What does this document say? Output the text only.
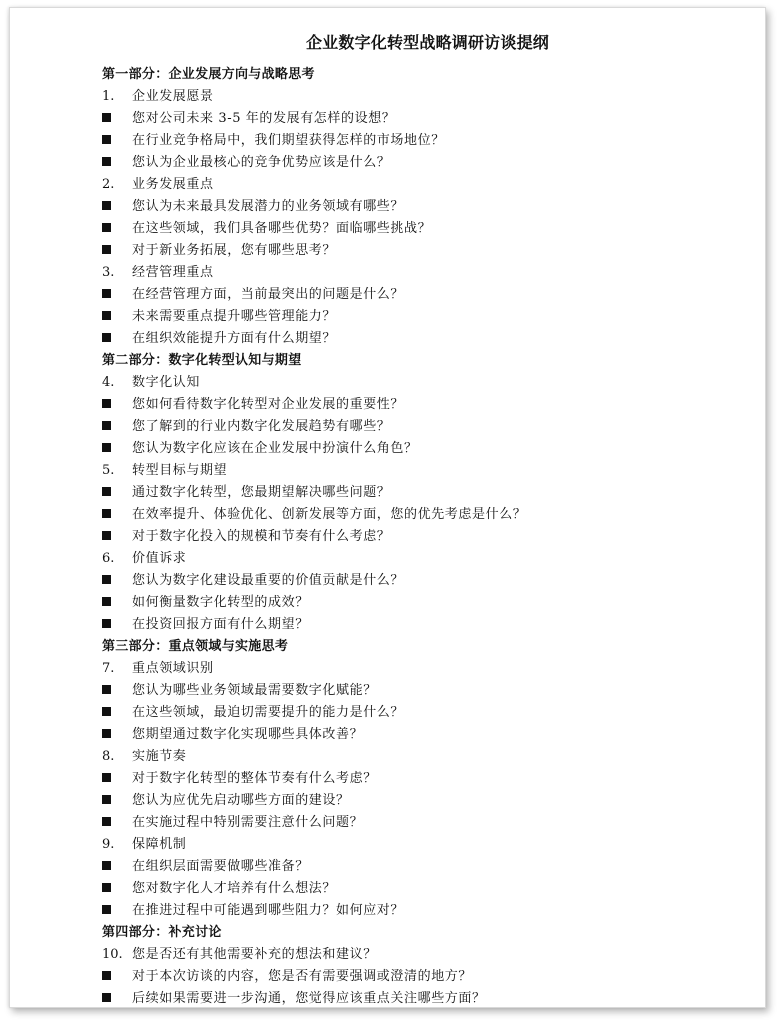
企业数字化转型战略调研访谈提纲
第一部分：企业发展方向与战略思考
1. 企业发展愿景
您对公司未来 3-5 年的发展有怎样的设想？
在行业竞争格局中，我们期望获得怎样的市场地位？
您认为企业最核心的竞争优势应该是什么？
2. 业务发展重点
您认为未来最具发展潜力的业务领域有哪些？
在这些领域，我们具备哪些优势？面临哪些挑战？
对于新业务拓展，您有哪些思考？
3. 经营管理重点
在经营管理方面，当前最突出的问题是什么？
未来需要重点提升哪些管理能力？
在组织效能提升方面有什么期望？
第二部分：数字化转型认知与期望
4. 数字化认知
您如何看待数字化转型对企业发展的重要性？
您了解到的行业内数字化发展趋势有哪些？
您认为数字化应该在企业发展中扮演什么角色？
5. 转型目标与期望
通过数字化转型，您最期望解决哪些问题？
在效率提升、体验优化、创新发展等方面，您的优先考虑是什么？
对于数字化投入的规模和节奏有什么考虑？
6. 价值诉求
您认为数字化建设最重要的价值贡献是什么？
如何衡量数字化转型的成效？
在投资回报方面有什么期望？
第三部分：重点领域与实施思考
7. 重点领域识别
您认为哪些业务领域最需要数字化赋能？
在这些领域，最迫切需要提升的能力是什么？
您期望通过数字化实现哪些具体改善？
8. 实施节奏
对于数字化转型的整体节奏有什么考虑？
您认为应优先启动哪些方面的建设？
在实施过程中特别需要注意什么问题？
9. 保障机制
在组织层面需要做哪些准备？
您对数字化人才培养有什么想法？
在推进过程中可能遇到哪些阻力？如何应对？
第四部分：补充讨论
10. 您是否还有其他需要补充的想法和建议？
对于本次访谈的内容，您是否有需要强调或澄清的地方？
后续如果需要进一步沟通，您觉得应该重点关注哪些方面？
